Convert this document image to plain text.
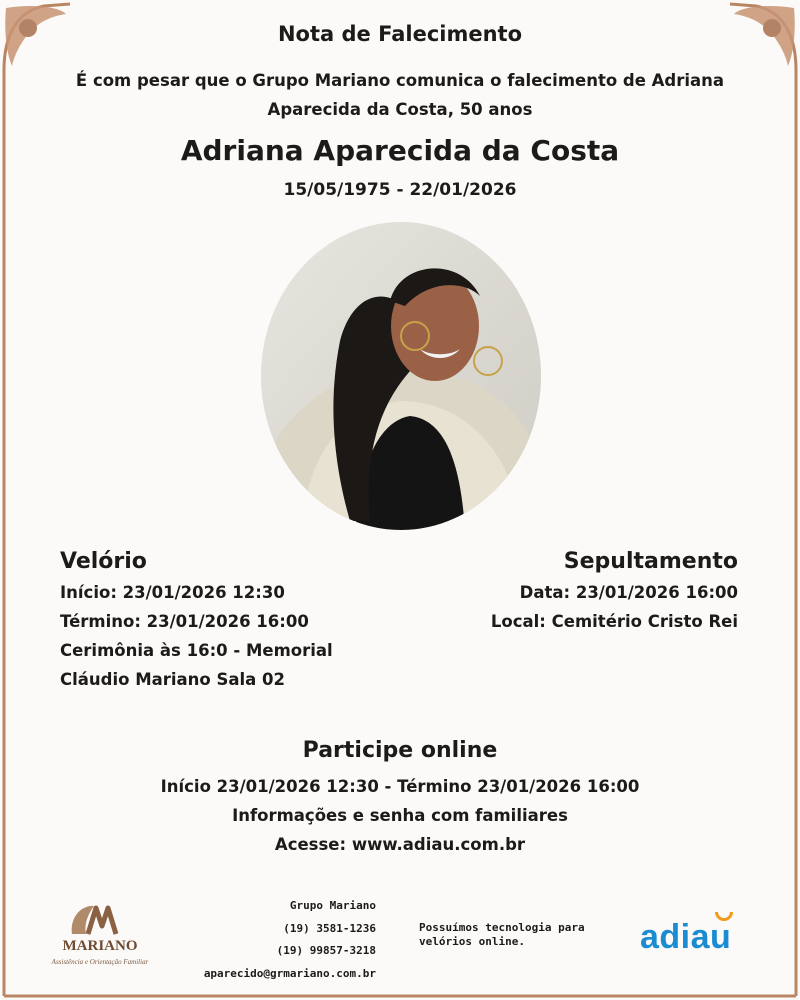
Nota de Falecimento
É com pesar que o Grupo Mariano comunica o falecimento de Adriana
Aparecida da Costa, 50 anos
Adriana Aparecida da Costa
15/05/1975 - 22/01/2026
Velório
Início: 23/01/2026 12:30
Término: 23/01/2026 16:00
Cerimônia às 16:0 - Memorial
Cláudio Mariano Sala 02
Sepultamento
Data: 23/01/2026 16:00
Local: Cemitério Cristo Rei
Participe online
Início 23/01/2026 12:30 - Término 23/01/2026 16:00
Informações e senha com familiares
Acesse: www.adiau.com.br
MARIANO
Assistência e Orientação Familiar
Grupo Mariano
(19) 3581-1236
(19) 99857-3218
aparecido@grmariano.com.br
Possuímos tecnologia para velórios online.	adiau
